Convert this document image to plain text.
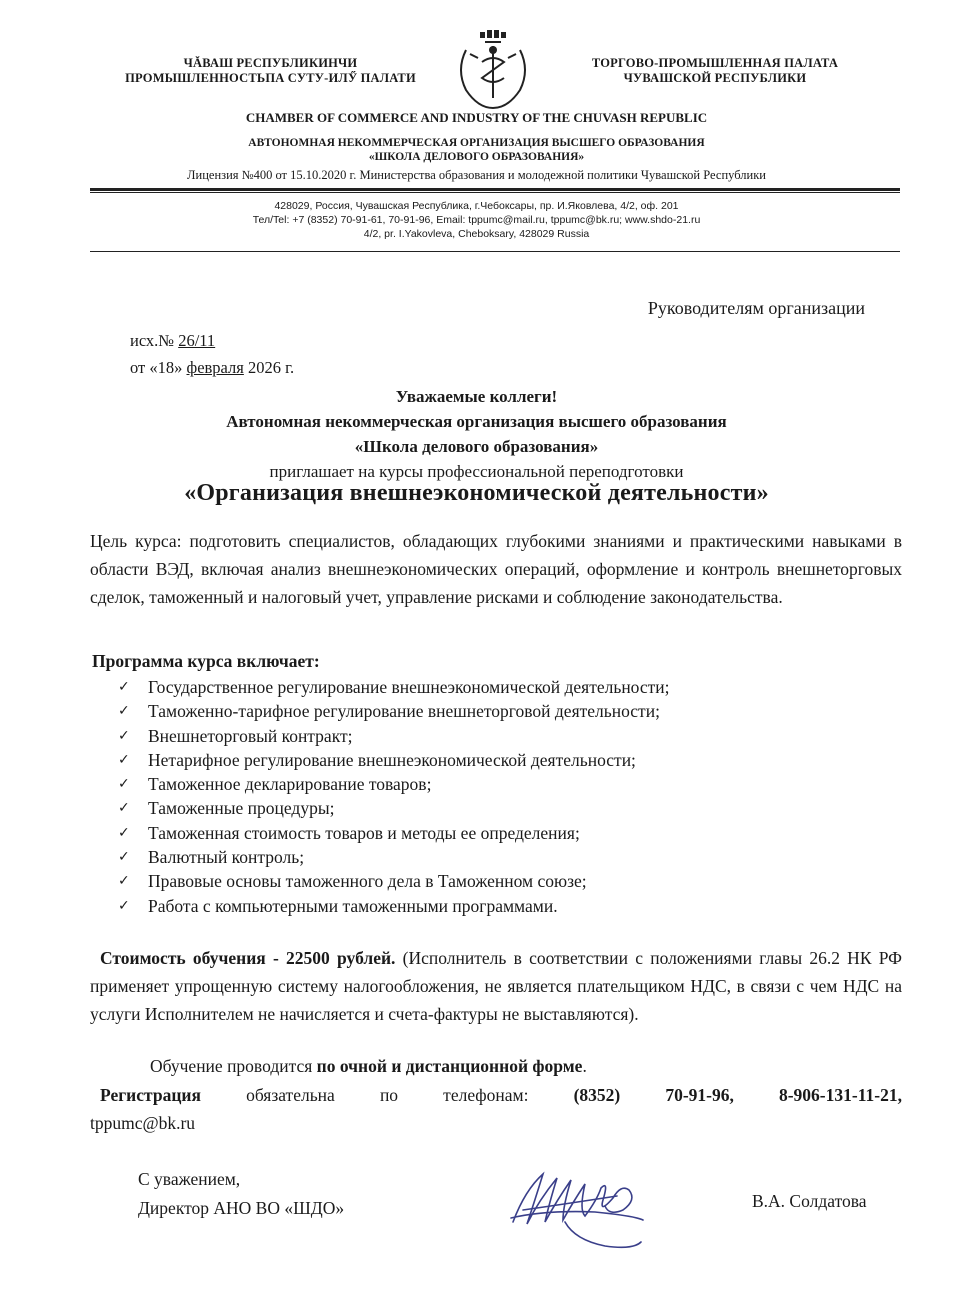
ЧĂВАШ РЕСПУБЛИКИНЧИ
ПРОМЫШЛЕННОСТЬПА СУТУ-ИЛӲ ПАЛАТИ
ТОРГОВО-ПРОМЫШЛЕННАЯ ПАЛАТА
ЧУВАШСКОЙ РЕСПУБЛИКИ
CHAMBER OF COMMERCE AND INDUSTRY OF THE CHUVASH REPUBLIC
АВТОНОМНАЯ НЕКОММЕРЧЕСКАЯ ОРГАНИЗАЦИЯ ВЫСШЕГО ОБРАЗОВАНИЯ
«ШКОЛА ДЕЛОВОГО ОБРАЗОВАНИЯ»
Лицензия №400 от 15.10.2020 г. Министерства образования и молодежной политики Чувашской Республики
428029, Россия, Чувашская Республика, г.Чебоксары, пр. И.Яковлева, 4/2, оф. 201
Тел/Tel: +7 (8352) 70-91-61, 70-91-96, Email: tppumc@mail.ru, tppumc@bk.ru; www.shdo-21.ru
4/2, pr. I.Yakovleva, Cheboksary, 428029 Russia
Руководителям организации
исх.№ 26/11
от «18» февраля 2026 г.
Уважаемые коллеги!
Автономная некоммерческая организация высшего образования
«Школа делового образования»
приглашает на курсы профессиональной переподготовки
«Организация внешнеэкономической деятельности»
Цель курса: подготовить специалистов, обладающих глубокими знаниями и практическими навыками в области ВЭД, включая анализ внешнеэкономических операций, оформление и контроль внешнеторговых сделок, таможенный и налоговый учет, управление рисками и соблюдение законодательства.
Программа курса включает:
✓ Государственное регулирование внешнеэкономической деятельности;
✓ Таможенно-тарифное регулирование внешнеторговой деятельности;
✓ Внешнеторговый контракт;
✓ Нетарифное регулирование внешнеэкономической деятельности;
✓ Таможенное декларирование товаров;
✓ Таможенные процедуры;
✓ Таможенная стоимость товаров и методы ее определения;
✓ Валютный контроль;
✓ Правовые основы таможенного дела в Таможенном союзе;
✓ Работа с компьютерными таможенными программами.
Стоимость обучения - 22500 рублей. (Исполнитель в соответствии с положениями главы 26.2 НК РФ применяет упрощенную систему налогообложения, не является плательщиком НДС, в связи с чем НДС на услуги Исполнителем не начисляется и счета-фактуры не выставляются).
Обучение проводится по очной и дистанционной форме.
Регистрация	обязательна	по	телефонам:	(8352)	70-91-96,	8-906-131-11-21,
tppumc@bk.ru
С уважением,
Директор АНО ВО «ШДО»	В.А. Солдатова
